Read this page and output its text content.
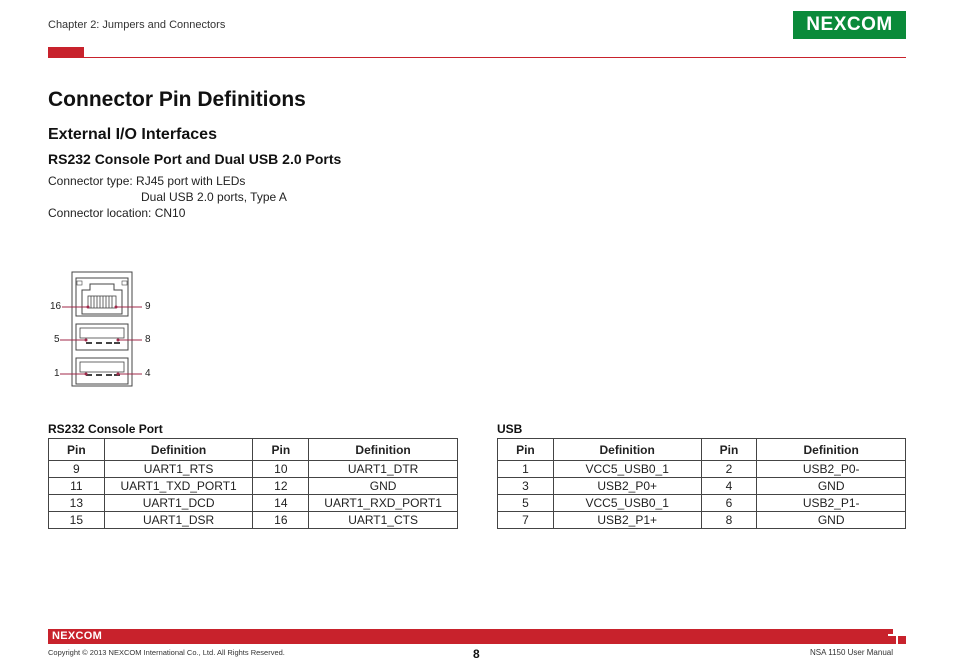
Chapter 2: Jumpers and Connectors	NE X COM
Connector Pin Definitions
External I/O Interfaces
RS232 Console Port and Dual USB 2.0 Ports
Connector type: RJ45 port with LEDs
Dual USB 2.0 ports, Type A
Connector location: CN10
16	9
5	8
1	4
RS232 Console Port
Pin	Definition	Pin	Definition
9	UART1_RTS	10	UART1_DTR
11	UART1_TXD_PORT1	12	GND
13	UART1_DCD	14	UART1_RXD_PORT1
15	UART1_DSR	16	UART1_CTS
USB
Pin	Definition	Pin	Definition
1	VCC5_USB0_1	2	USB2_P0-
3	USB2_P0+	4	GND
5	VCC5_USB0_1	6	USB2_P1-
7	USB2_P1+	8	GND
NEXCOM
Copyright © 2013 NEXCOM International Co., Ltd. All Rights Reserved.	8	NSA 1150 User Manual
